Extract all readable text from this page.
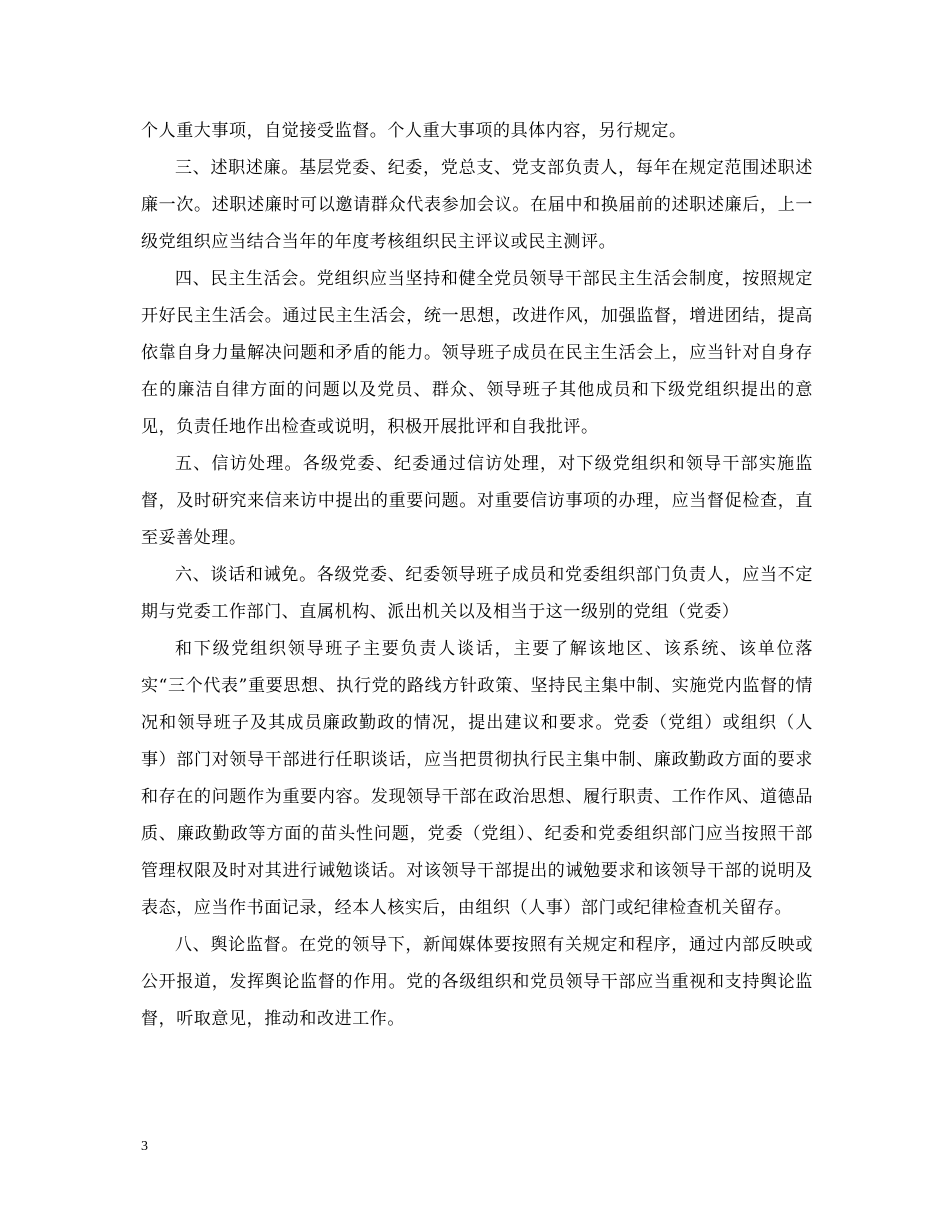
个人重大事项，自觉接受监督。个人重大事项的具体内容，另行规定。

三、述职述廉。基层党委、纪委，党总支、党支部负责人，每年在规定范围述职述廉一次。述职述廉时可以邀请群众代表参加会议。在届中和换届前的述职述廉后，上一级党组织应当结合当年的年度考核组织民主评议或民主测评。

四、民主生活会。党组织应当坚持和健全党员领导干部民主生活会制度，按照规定开好民主生活会。通过民主生活会，统一思想，改进作风，加强监督，增进团结，提高依靠自身力量解决问题和矛盾的能力。领导班子成员在民主生活会上，应当针对自身存在的廉洁自律方面的问题以及党员、群众、领导班子其他成员和下级党组织提出的意见，负责任地作出检查或说明，积极开展批评和自我批评。

五、信访处理。各级党委、纪委通过信访处理，对下级党组织和领导干部实施监督，及时研究来信来访中提出的重要问题。对重要信访事项的办理，应当督促检查，直至妥善处理。

六、谈话和诫免。各级党委、纪委领导班子成员和党委组织部门负责人，应当不定期与党委工作部门、直属机构、派出机关以及相当于这一级别的党组（党委）

和下级党组织领导班子主要负责人谈话，主要了解该地区、该系统、该单位落实“三个代表”重要思想、执行党的路线方针政策、坚持民主集中制、实施党内监督的情况和领导班子及其成员廉政勤政的情况，提出建议和要求。党委（党组）或组织（人事）部门对领导干部进行任职谈话，应当把贯彻执行民主集中制、廉政勤政方面的要求和存在的问题作为重要内容。发现领导干部在政治思想、履行职责、工作作风、道德品质、廉政勤政等方面的苗头性问题，党委（党组）、纪委和党委组织部门应当按照干部管理权限及时对其进行诫勉谈话。对该领导干部提出的诫勉要求和该领导干部的说明及表态，应当作书面记录，经本人核实后，由组织（人事）部门或纪律检查机关留存。

八、舆论监督。在党的领导下，新闻媒体要按照有关规定和程序，通过内部反映或公开报道，发挥舆论监督的作用。党的各级组织和党员领导干部应当重视和支持舆论监督，听取意见，推动和改进工作。

3
